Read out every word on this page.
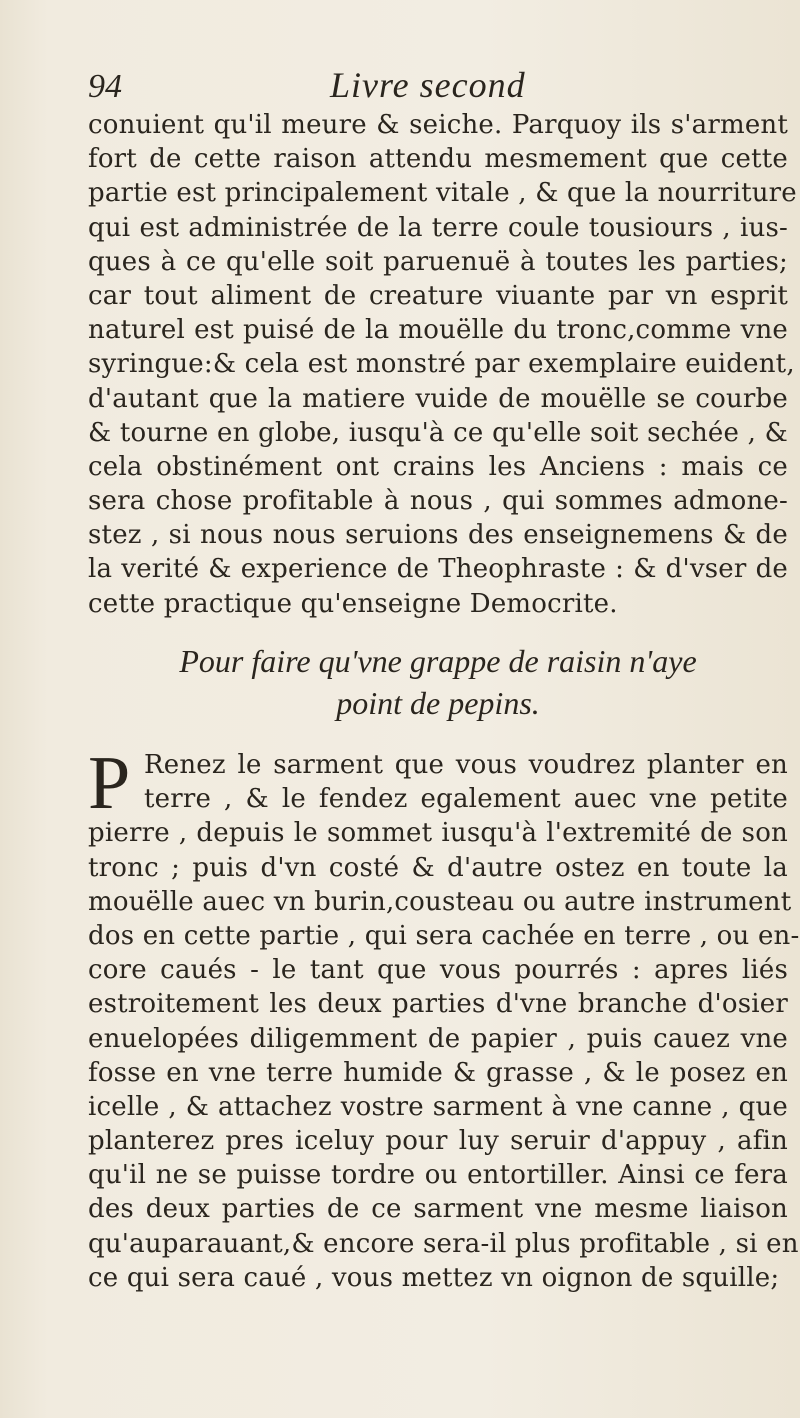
94	Livre second
conuient qu'il meure & seiche. Parquoy ils s'arment
fort de cette raison attendu mesmement que cette
partie est principalement vitale , & que la nourriture
qui est administrée de la terre coule tousiours , ius-
ques à ce qu'elle soit paruenuë à toutes les parties;
car tout aliment de creature viuante par vn esprit
naturel est puisé de la mouëlle du tronc,comme vne
syringue:& cela est monstré par exemplaire euident,
d'autant que la matiere vuide de mouëlle se courbe
& tourne en globe, iusqu'à ce qu'elle soit sechée , &
cela obstinément ont crains les Anciens : mais ce
sera chose profitable à nous , qui sommes admone-
stez , si nous nous seruions des enseignemens & de
la verité & experience de Theophraste : & d'vser de
cette practique qu'enseigne Democrite.
Pour faire qu'vne grappe de raisin n'aye
point de pepins.
P Renez le sarment que vous voudrez planter en
terre , & le fendez egalement auec vne petite
pierre , depuis le sommet iusqu'à l'extremité de son
tronc ; puis d'vn costé & d'autre ostez en toute la
mouëlle auec vn burin,cousteau ou autre instrument
dos en cette partie , qui sera cachée en terre , ou en-
core caués - le tant que vous pourrés : apres liés
estroitement les deux parties d'vne branche d'osier
enuelopées diligemment de papier , puis cauez vne
fosse en vne terre humide & grasse , & le posez en
icelle , & attachez vostre sarment à vne canne , que
planterez pres iceluy pour luy seruir d'appuy , afin
qu'il ne se puisse tordre ou entortiller. Ainsi ce fera
des deux parties de ce sarment vne mesme liaison
qu'auparauant,& encore sera-il plus profitable , si en
ce qui sera caué , vous mettez vn oignon de squille;
